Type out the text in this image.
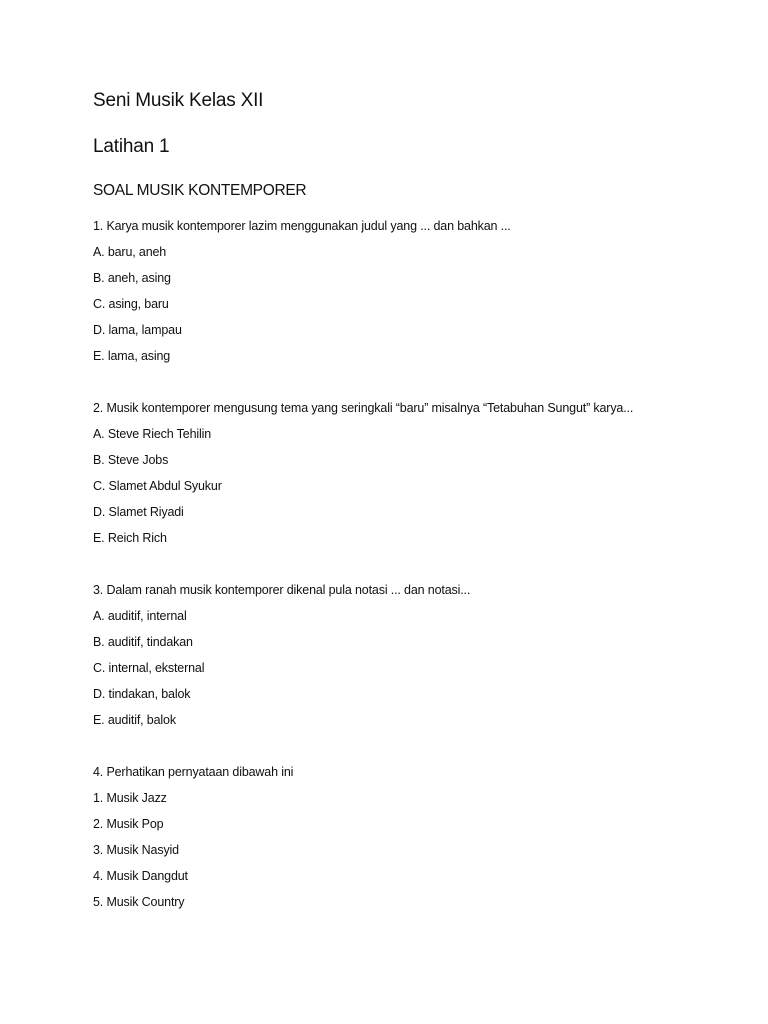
Seni Musik Kelas XII
Latihan 1
SOAL MUSIK KONTEMPORER
1. Karya musik kontemporer lazim menggunakan judul yang ... dan bahkan ...
A. baru, aneh
B. aneh, asing
C. asing, baru
D. lama, lampau
E. lama, asing
2. Musik kontemporer mengusung tema yang seringkali “baru” misalnya “Tetabuhan Sungut” karya...
A. Steve Riech Tehilin
B. Steve Jobs
C. Slamet Abdul Syukur
D. Slamet Riyadi
E. Reich Rich
3. Dalam ranah musik kontemporer dikenal pula notasi ... dan notasi...
A. auditif, internal
B. auditif, tindakan
C. internal, eksternal
D. tindakan, balok
E. auditif, balok
4. Perhatikan pernyataan dibawah ini
1. Musik Jazz
2. Musik Pop
3. Musik Nasyid
4. Musik Dangdut
5. Musik Country
